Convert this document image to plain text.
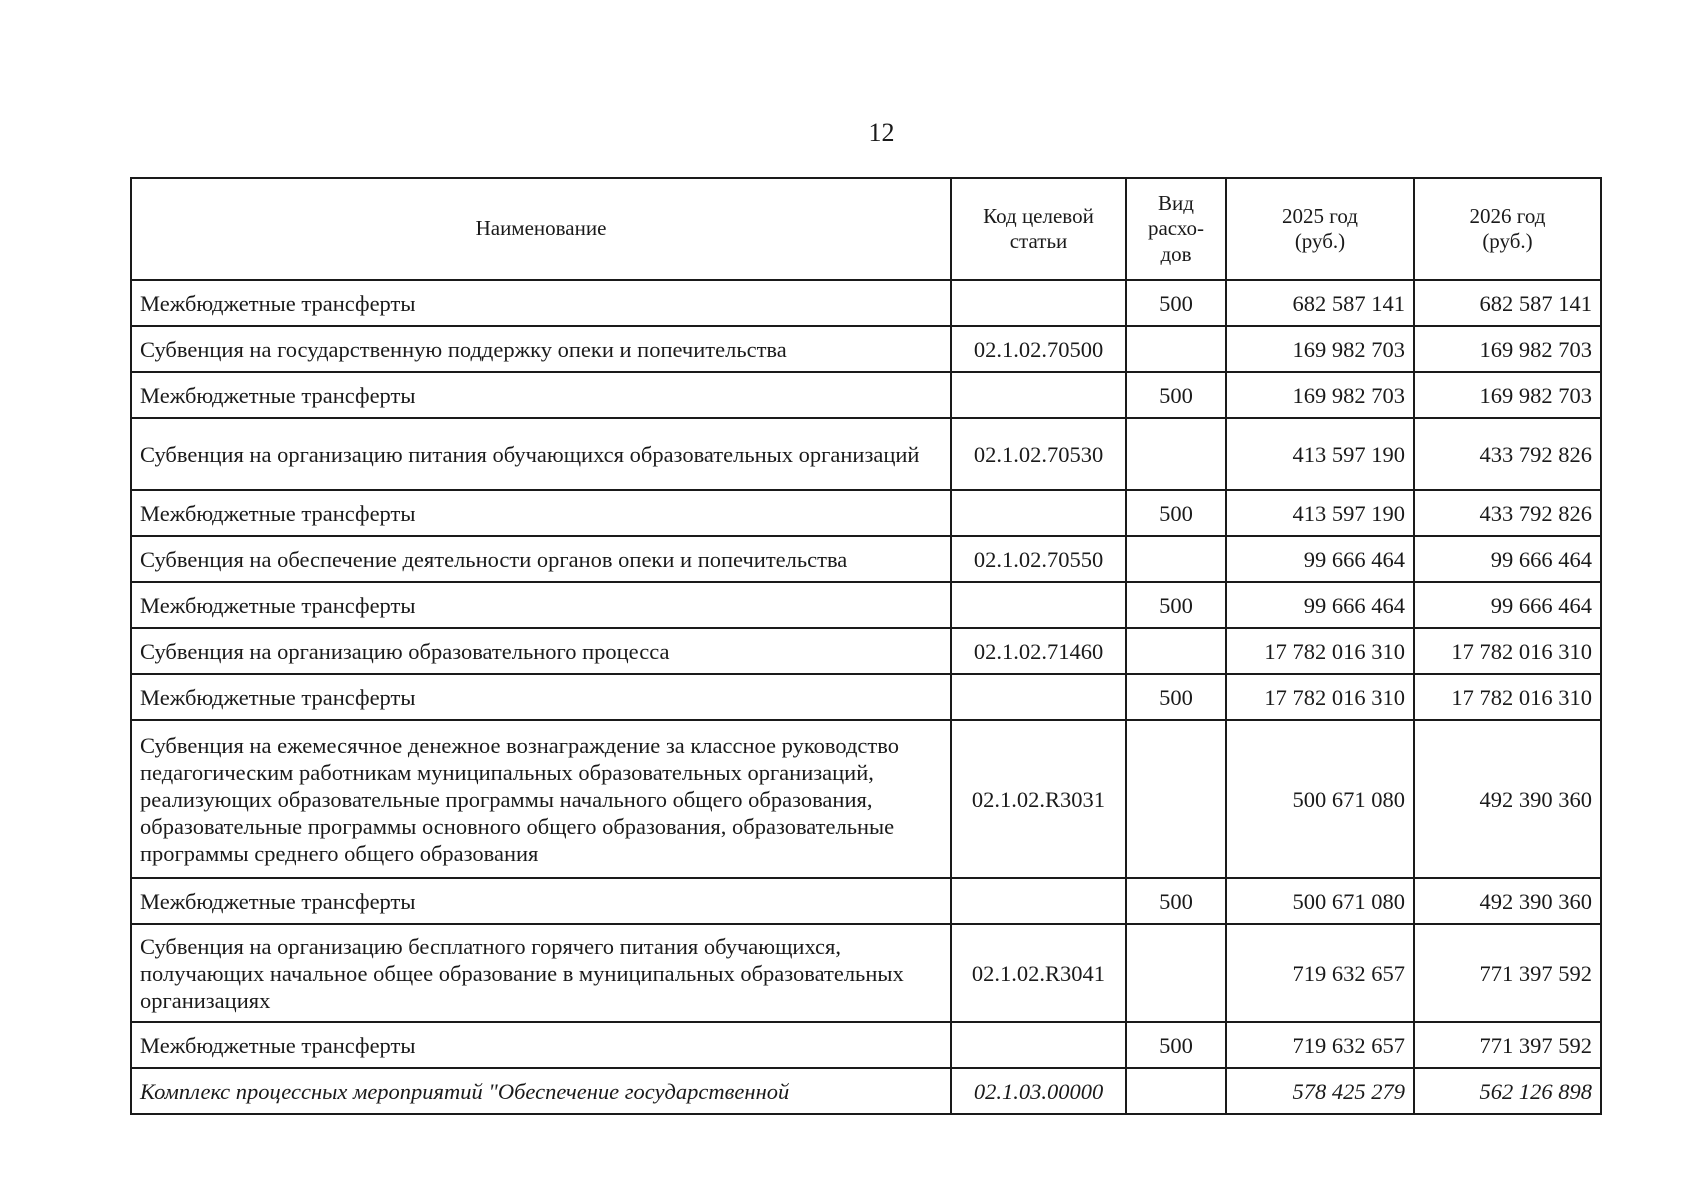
12
Наименование	Код целевой статьи	Вид расхо-дов	2025 год (руб.)	2026 год (руб.)
Межбюджетные трансферты		500	682 587 141	682 587 141
Субвенция на государственную поддержку опеки и попечительства	02.1.02.70500		169 982 703	169 982 703
Межбюджетные трансферты		500	169 982 703	169 982 703
Субвенция на организацию питания обучающихся образовательных организаций	02.1.02.70530		413 597 190	433 792 826
Межбюджетные трансферты		500	413 597 190	433 792 826
Субвенция на обеспечение деятельности органов опеки и попечительства	02.1.02.70550		99 666 464	99 666 464
Межбюджетные трансферты		500	99 666 464	99 666 464
Субвенция на организацию образовательного процесса	02.1.02.71460		17 782 016 310	17 782 016 310
Межбюджетные трансферты		500	17 782 016 310	17 782 016 310
Субвенция на ежемесячное денежное вознаграждение за классное руководство педагогическим работникам муниципальных образовательных организаций, реализующих образовательные программы начального общего образования, образовательные программы основного общего образования, образовательные программы среднего общего образования	02.1.02.R3031		500 671 080	492 390 360
Межбюджетные трансферты		500	500 671 080	492 390 360
Субвенция на организацию бесплатного горячего питания обучающихся, получающих начальное общее образование в муниципальных образовательных организациях	02.1.02.R3041		719 632 657	771 397 592
Межбюджетные трансферты		500	719 632 657	771 397 592
Комплекс процессных мероприятий "Обеспечение государственной	02.1.03.00000		578 425 279	562 126 898
